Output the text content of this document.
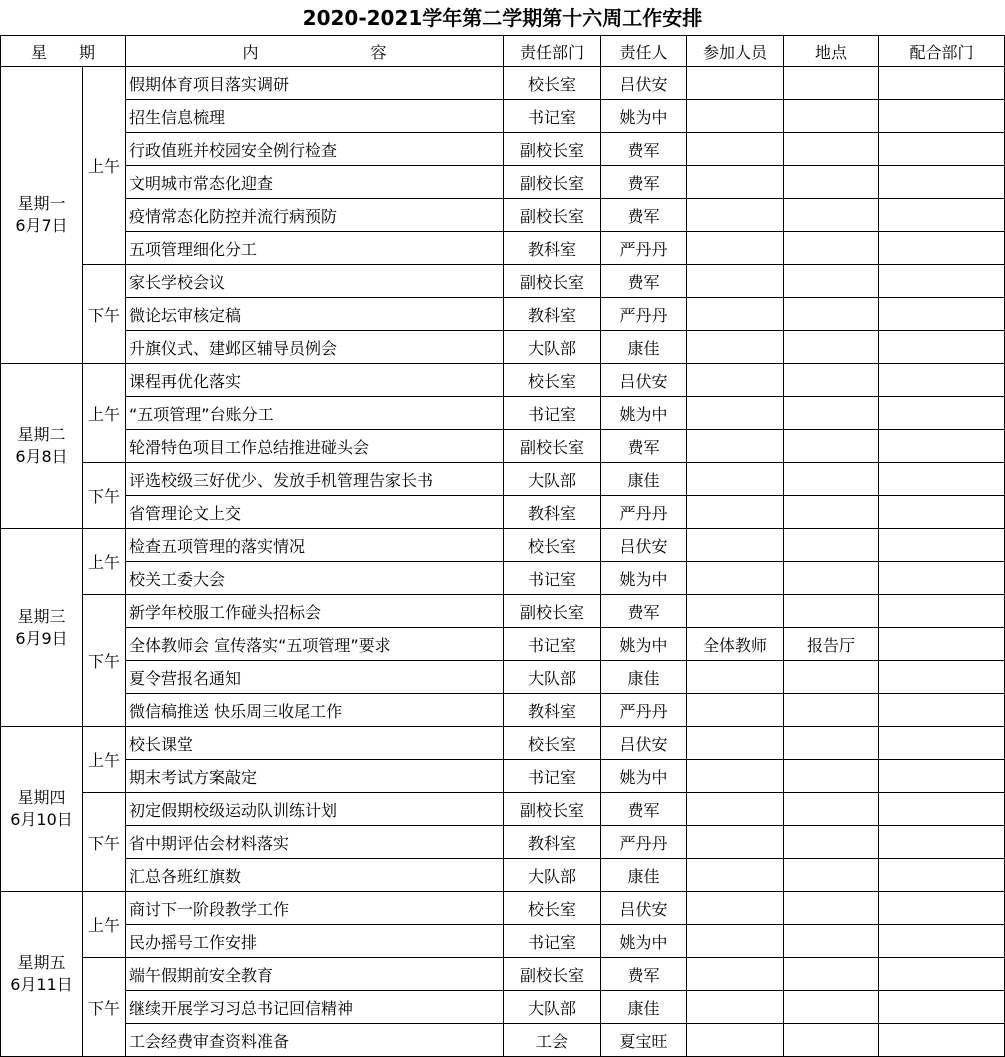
2020-2021学年第二学期第十六周工作安排
星　　期		内　　　　　　　容	责任部门	责任人	参加人员	地点	配合部门

星期一
6月7日	上午	假期体育项目落实调研	校长室	吕伏安			
		招生信息梳理	书记室	姚为中			
		行政值班并校园安全例行检查	副校长室	费军			
		文明城市常态化迎查	副校长室	费军			
		疫情常态化防控并流行病预防	副校长室	费军			
		五项管理细化分工	教科室	严丹丹			
	下午	家长学校会议	副校长室	费军			
		微论坛审核定稿	教科室	严丹丹			
		升旗仪式、建邺区辅导员例会	大队部	康佳			

星期二
6月8日	上午	课程再优化落实	校长室	吕伏安			
		“五项管理”台账分工	书记室	姚为中			
		轮滑特色项目工作总结推进碰头会	副校长室	费军			
	下午	评选校级三好优少、发放手机管理告家长书	大队部	康佳			
		省管理论文上交	教科室	严丹丹			

星期三
6月9日	上午	检查五项管理的落实情况	校长室	吕伏安			
		校关工委大会	书记室	姚为中			
	下午	新学年校服工作碰头招标会	副校长室	费军			
		全体教师会 宣传落实“五项管理”要求	书记室	姚为中	全体教师	报告厅	
		夏令营报名通知	大队部	康佳			
		微信稿推送 快乐周三收尾工作	教科室	严丹丹			

星期四
6月10日	上午	校长课堂	校长室	吕伏安			
		期末考试方案敲定	书记室	姚为中			
	下午	初定假期校级运动队训练计划	副校长室	费军			
		省中期评估会材料落实	教科室	严丹丹			
		汇总各班红旗数	大队部	康佳			

星期五
6月11日	上午	商讨下一阶段教学工作	校长室	吕伏安			
		民办摇号工作安排	书记室	姚为中			
	下午	端午假期前安全教育	副校长室	费军			
		继续开展学习习总书记回信精神	大队部	康佳			
		工会经费审查资料准备	工会	夏宝旺			
